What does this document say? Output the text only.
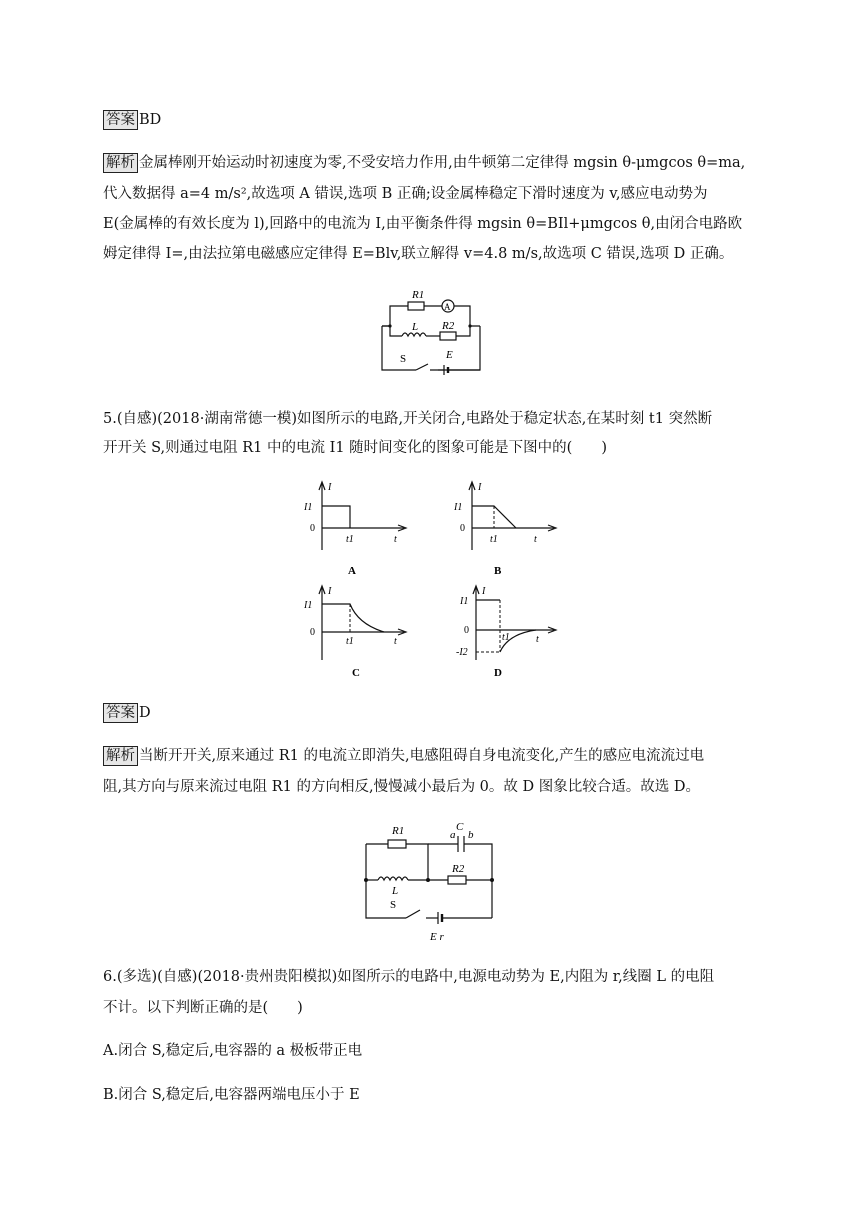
答案 BD
解析 金属棒刚开始运动时初速度为零,不受安培力作用,由牛顿第二定律得 mgsin θ-μmgcos θ=ma,
代入数据得 a=4 m/s²,故选项 A 错误,选项 B 正确;设金属棒稳定下滑时速度为 v,感应电动势为
E(金属棒的有效长度为 l),回路中的电流为 I,由平衡条件得 mgsin θ=BIl+μmgcos θ,由闭合电路欧
姆定律得 I=,由法拉第电磁感应定律得 E=Blv,联立解得 v=4.8 m/s,故选项 C 错误,选项 D 正确。
R1
A
L R2
S	E
5.(自感)(2018·湖南常德一模)如图所示的电路,开关闭合,电路处于稳定状态,在某时刻 t1 突然断
开开关 S,则通过电阻 R1 中的电流 I1 随时间变化的图象可能是下图中的(　　)
I1
I
0
t1	t
A
I1
I
0
t1	t
B
I1
I
0
t1	t
C
I1
I
0
t1	t
-I2
D
答案 D
解析 当断开开关,原来通过 R1 的电流立即消失,电感阻碍自身电流变化,产生的感应电流流过电
阻,其方向与原来流过电阻 R1 的方向相反,慢慢减小最后为 0。故 D 图象比较合适。故选 D。
R1	C
a b
L
R2
S
E r
6.(多选)(自感)(2018·贵州贵阳模拟)如图所示的电路中,电源电动势为 E,内阻为 r,线圈 L 的电阻
不计。以下判断正确的是(　　)
A.闭合 S,稳定后,电容器的 a 极板带正电
B.闭合 S,稳定后,电容器两端电压小于 E
